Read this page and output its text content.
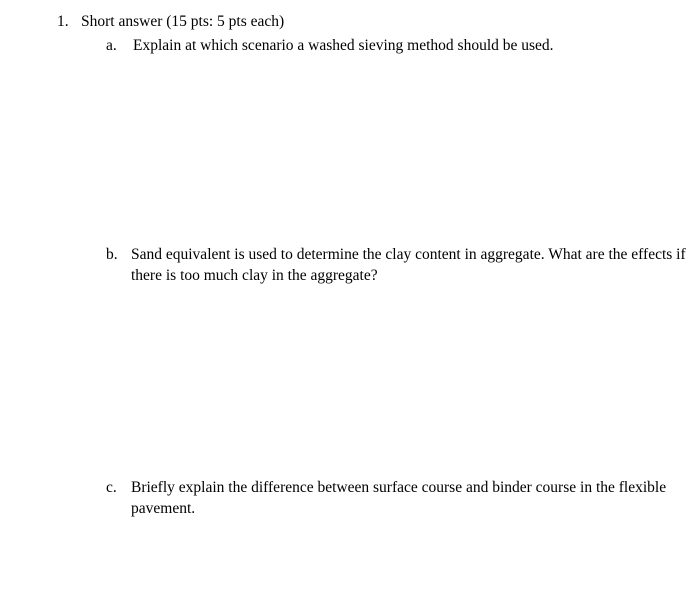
1. Short answer (15 pts: 5 pts each)
a. Explain at which scenario a washed sieving method should be used.
b. Sand equivalent is used to determine the clay content in aggregate. What are the effects if
there is too much clay in the aggregate?
c. Briefly explain the difference between surface course and binder course in the flexible
pavement.
